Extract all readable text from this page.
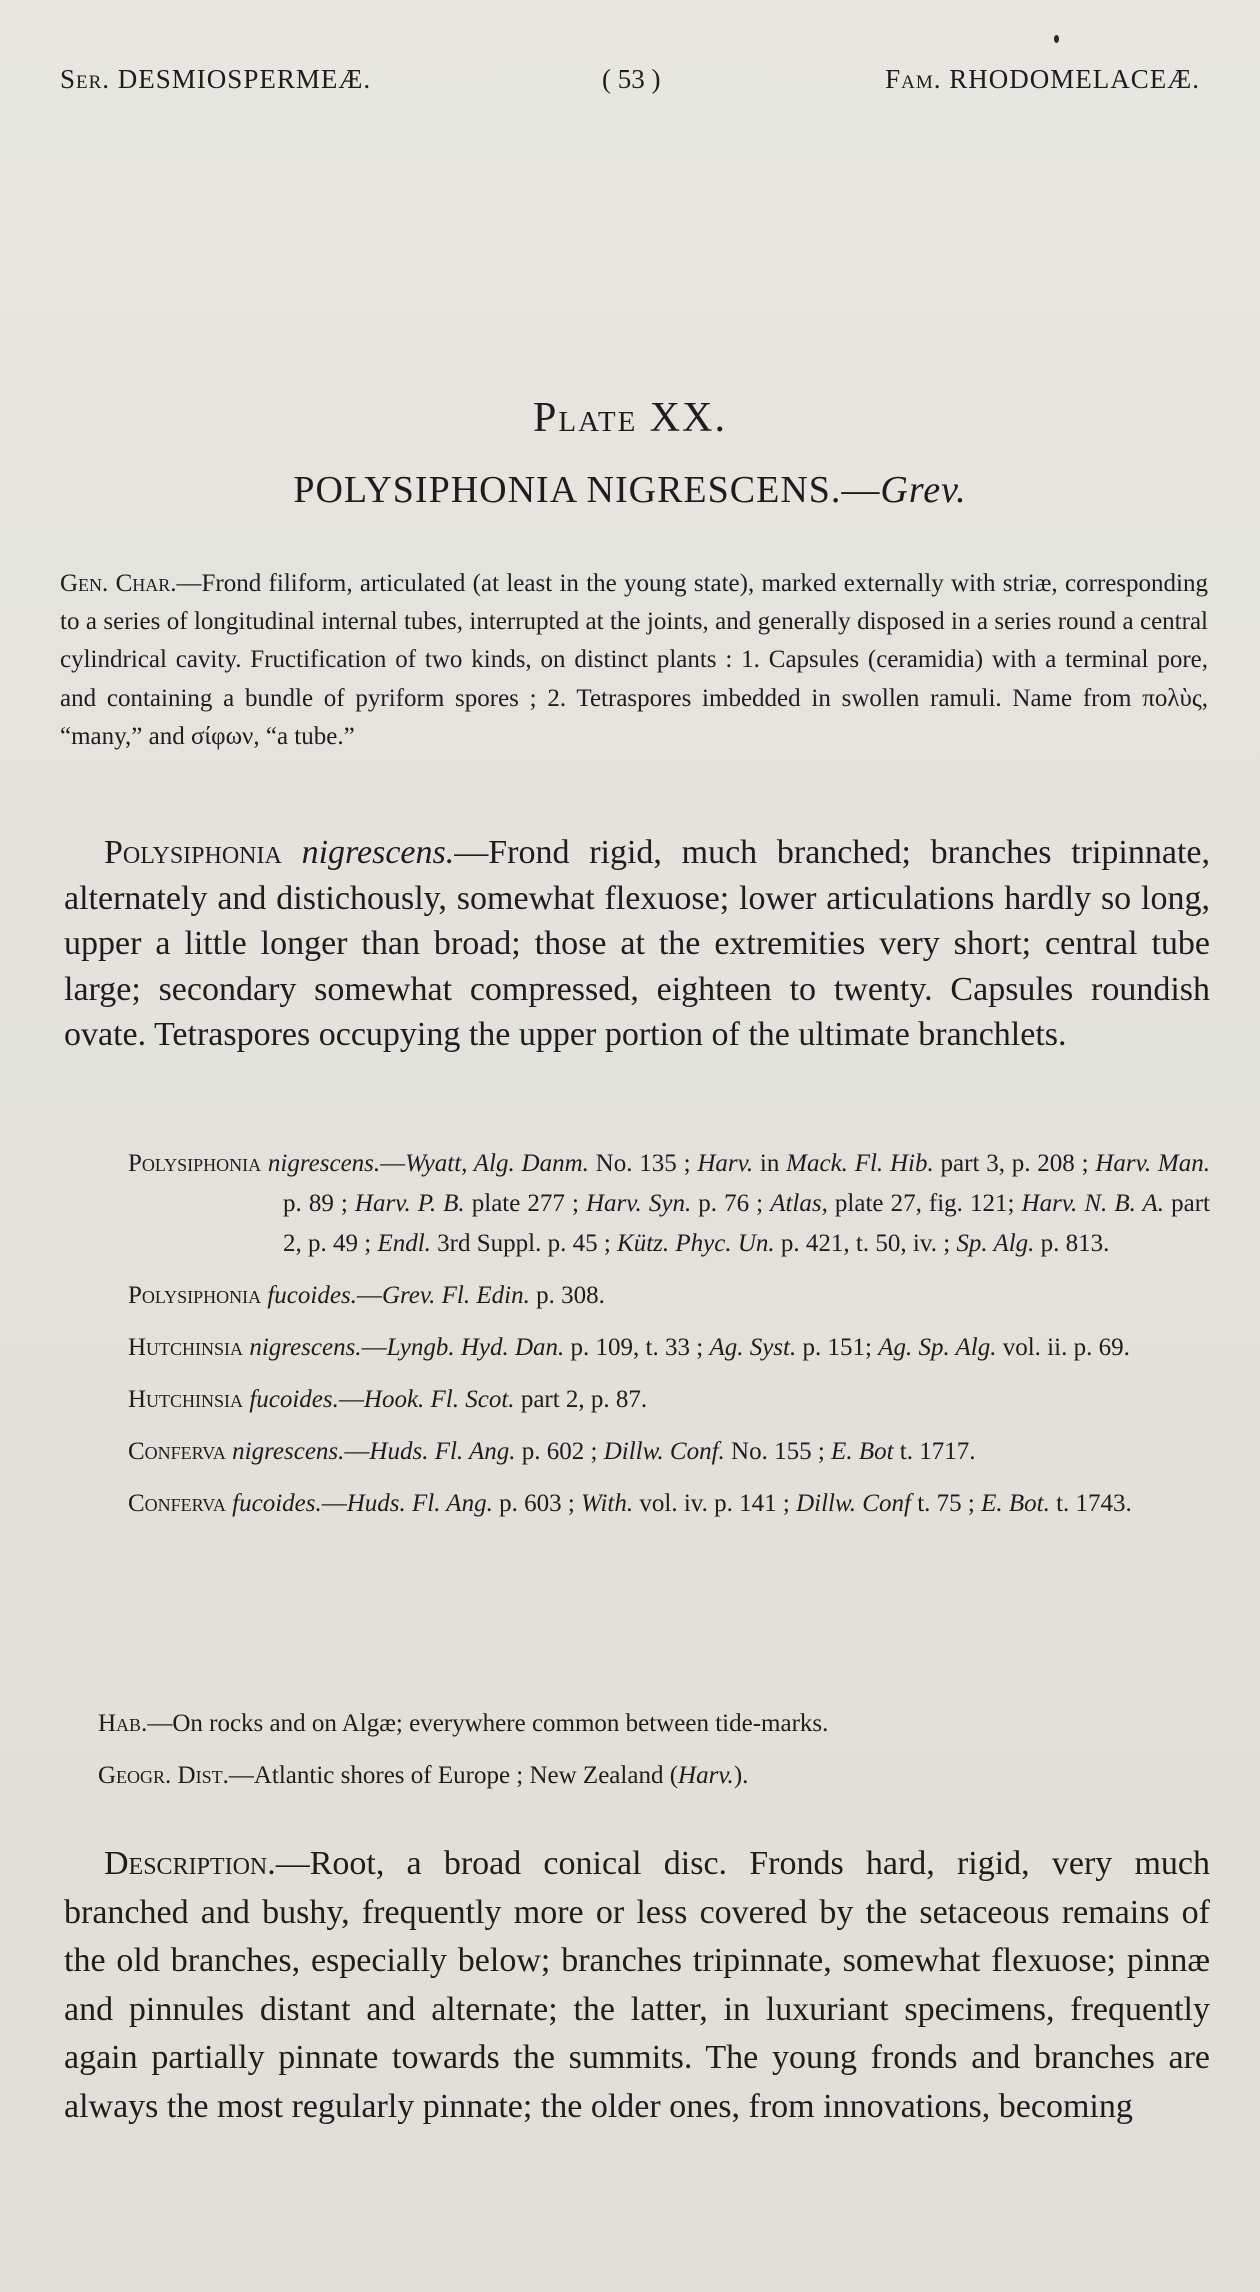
Ser. DESMIOSPERMEÆ.	( 53 )	Fam. RHODOMELACEÆ.
Plate XX.
POLYSIPHONIA NIGRESCENS.—Grev.
Gen. Char.—Frond filiform, articulated (at least in the young state), marked externally with striæ, corresponding to a series of longitudinal internal tubes, interrupted at the joints, and generally disposed in a series round a central cylindrical cavity. Fructification of two kinds, on distinct plants : 1. Capsules (ceramidia) with a terminal pore, and containing a bundle of pyriform spores ; 2. Tetraspores imbedded in swollen ramuli. Name from πολὺς, “many,” and σίφων, “a tube.”
Polysiphonia nigrescens.—Frond rigid, much branched; branches tripinnate, alternately and distichously, somewhat flexuose; lower articulations hardly so long, upper a little longer than broad; those at the extremities very short; central tube large; secondary somewhat compressed, eighteen to twenty. Capsules roundish ovate. Tetraspores occupying the upper portion of the ultimate branchlets.
Polysiphonia nigrescens.—Wyatt, Alg. Danm. No. 135 ; Harv. in Mack. Fl. Hib. part 3, p. 208 ; Harv. Man. p. 89 ; Harv. P. B. plate 277 ; Harv. Syn. p. 76 ; Atlas, plate 27, fig. 121; Harv. N. B. A. part 2, p. 49 ; Endl. 3rd Suppl. p. 45 ; Kütz. Phyc. Un. p. 421, t. 50, iv. ; Sp. Alg. p. 813.
Polysiphonia fucoides.—Grev. Fl. Edin. p. 308.
Hutchinsia nigrescens.—Lyngb. Hyd. Dan. p. 109, t. 33 ; Ag. Syst. p. 151; Ag. Sp. Alg. vol. ii. p. 69.
Hutchinsia fucoides.—Hook. Fl. Scot. part 2, p. 87.
Conferva nigrescens.—Huds. Fl. Ang. p. 602 ; Dillw. Conf. No. 155 ; E. Bot t. 1717.
Conferva fucoides.—Huds. Fl. Ang. p. 603 ; With. vol. iv. p. 141 ; Dillw. Conf t. 75 ; E. Bot. t. 1743.
Hab.—On rocks and on Algæ; everywhere common between tide-marks.
Geogr. Dist.—Atlantic shores of Europe ; New Zealand (Harv.).
Description.—Root, a broad conical disc. Fronds hard, rigid, very much branched and bushy, frequently more or less covered by the setaceous remains of the old branches, especially below; branches tripinnate, somewhat flexuose; pinnæ and pinnules distant and alternate; the latter, in luxuriant specimens, frequently again partially pinnate towards the summits. The young fronds and branches are always the most regularly pinnate; the older ones, from innovations, becoming
